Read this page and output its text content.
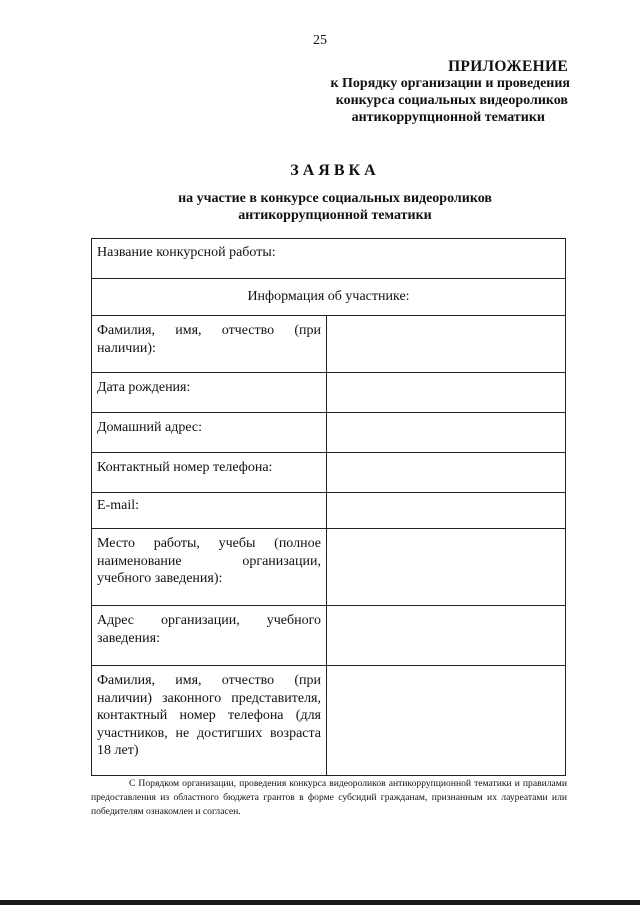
25
ПРИЛОЖЕНИЕ
к Порядку организации и проведения
конкурса социальных видеороликов
антикоррупционной тематики
ЗАЯВКА
на участие в конкурсе социальных видеороликов
антикоррупционной тематики
Название конкурсной работы:	
Информация об участнике:	
Фамилия, имя, отчество (при наличии):	
Дата рождения:	
Домашний адрес:	
Контактный номер телефона:	
E-mail:	
Место работы, учебы (полное наименование организации, учебного заведения):	
Адрес организации, учебного заведения:	
Фамилия, имя, отчество (при наличии) законного представителя, контактный номер телефона (для участников, не достигших возраста 18 лет)	
С Порядком организации, проведения конкурса видеороликов антикоррупционной тематики и правилами предоставления из областного бюджета грантов в форме субсидий гражданам, признанным их лауреатами или победителям ознакомлен и согласен.
